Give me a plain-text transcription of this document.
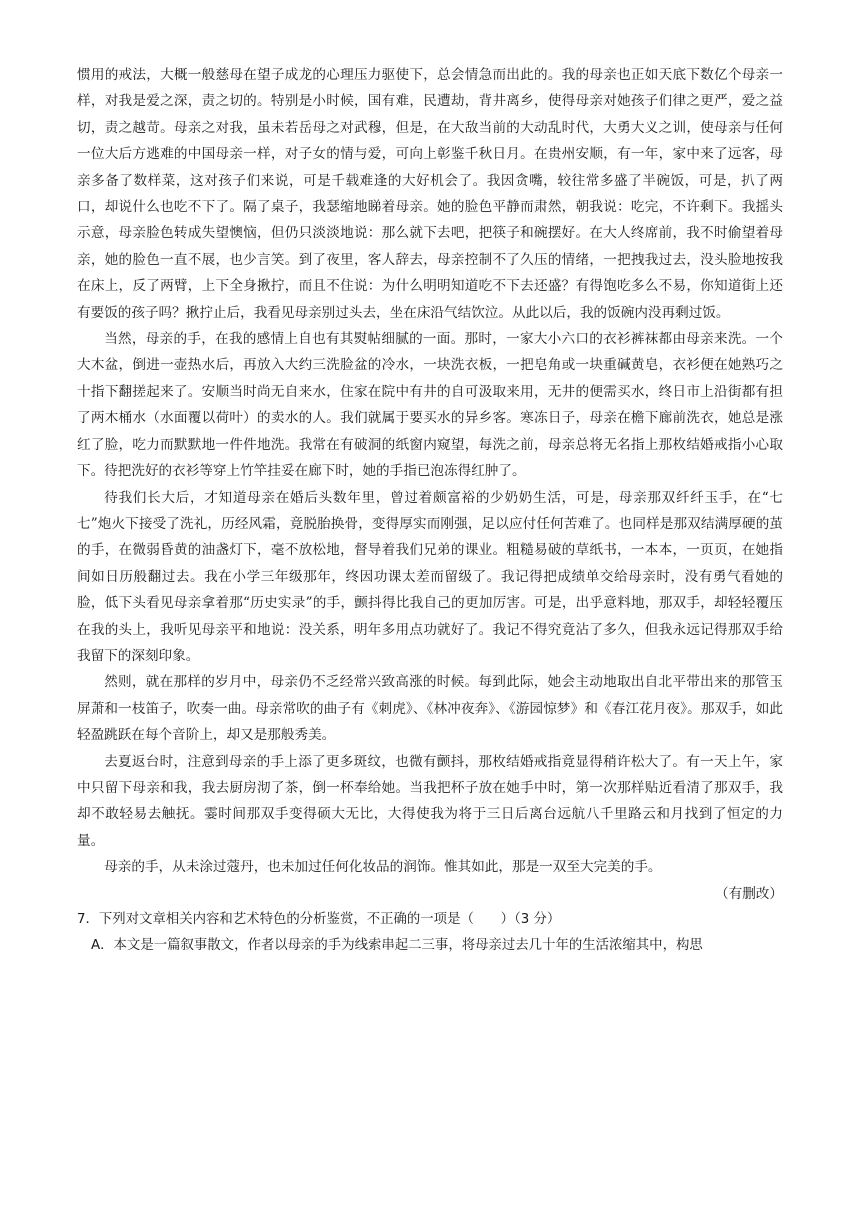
惯用的戒法，大概一般慈母在望子成龙的心理压力驱使下，总会情急而出此的。我的母亲也正如天底下数亿个母亲一样，对我是爱之深，责之切的。特别是小时候，国有难，民遭劫，背井离乡，使得母亲对她孩子们律之更严，爱之益切，责之越苛。母亲之对我，虽未若岳母之对武穆，但是，在大敌当前的大动乱时代，大勇大义之训，使母亲与任何一位大后方逃难的中国母亲一样，对子女的情与爱，可向上彰鉴千秋日月。在贵州安顺，有一年，家中来了远客，母亲多备了数样菜，这对孩子们来说，可是千载难逢的大好机会了。我因贪嘴，较往常多盛了半碗饭，可是，扒了两口，却说什么也吃不下了。隔了桌子，我瑟缩地睇着母亲。她的脸色平静而肃然，朝我说：吃完，不许剩下。我摇头示意，母亲脸色转成失望懊恼，但仍只淡淡地说：那么就下去吧，把筷子和碗摆好。在大人终席前，我不时偷望着母亲，她的脸色一直不展，也少言笑。到了夜里，客人辞去，母亲控制不了久压的情绪，一把拽我过去，没头脸地按我在床上，反了两臂，上下全身揪拧，而且不住说：为什么明明知道吃不下去还盛？有得饱吃多么不易，你知道街上还有要饭的孩子吗？揪拧止后，我看见母亲别过头去，坐在床沿气结饮泣。从此以后，我的饭碗内没再剩过饭。

当然，母亲的手，在我的感情上自也有其熨帖细腻的一面。那时，一家大小六口的衣衫裤袜都由母亲来洗。一个大木盆，倒进一壶热水后，再放入大约三洗脸盆的冷水，一块洗衣板，一把皂角或一块重碱黄皂，衣衫便在她熟巧之十指下翻搓起来了。安顺当时尚无自来水，住家在院中有井的自可汲取来用，无井的便需买水，终日市上沿街都有担了两木桶水（水面覆以荷叶）的卖水的人。我们就属于要买水的异乡客。寒冻日子，母亲在檐下廊前洗衣，她总是涨红了脸，吃力而默默地一件件地洗。我常在有破洞的纸窗内窥望，每洗之前，母亲总将无名指上那枚结婚戒指小心取下。待把洗好的衣衫等穿上竹竿挂妥在廊下时，她的手指已泡冻得红肿了。

待我们长大后，才知道母亲在婚后头数年里，曾过着颇富裕的少奶奶生活，可是，母亲那双纤纤玉手，在“七七”炮火下接受了洗礼，历经风霜，竟脱胎换骨，变得厚实而刚强，足以应付任何苦难了。也同样是那双结满厚硬的茧的手，在微弱昏黄的油盏灯下，毫不放松地，督导着我们兄弟的课业。粗糙易破的草纸书，一本本，一页页，在她指间如日历般翻过去。我在小学三年级那年，终因功课太差而留级了。我记得把成绩单交给母亲时，没有勇气看她的脸，低下头看见母亲拿着那“历史实录”的手，颤抖得比我自己的更加厉害。可是，出乎意料地，那双手，却轻轻覆压在我的头上，我听见母亲平和地说：没关系，明年多用点功就好了。我记不得究竟沾了多久，但我永远记得那双手给我留下的深刻印象。

然则，就在那样的岁月中，母亲仍不乏经常兴致高涨的时候。每到此际，她会主动地取出自北平带出来的那管玉屏萧和一枝笛子，吹奏一曲。母亲常吹的曲子有《刺虎》、《林冲夜奔》、《游园惊梦》和《春江花月夜》。那双手，如此轻盈跳跃在每个音阶上，却又是那般秀美。

去夏返台时，注意到母亲的手上添了更多斑纹，也微有颤抖，那枚结婚戒指竟显得稍许松大了。有一天上午，家中只留下母亲和我，我去厨房沏了茶，倒一杯奉给她。当我把杯子放在她手中时，第一次那样贴近看清了那双手，我却不敢轻易去触抚。霎时间那双手变得硕大无比，大得使我为将于三日后离台远航八千里路云和月找到了恒定的力量。

母亲的手，从未涂过蔻丹，也未加过任何化妆品的润饰。惟其如此，那是一双至大完美的手。

（有删改）

7．下列对文章相关内容和艺术特色的分析鉴赏，不正确的一项是（　　）（3 分）

A．本文是一篇叙事散文，作者以母亲的手为线索串起二三事，将母亲过去几十年的生活浓缩其中，构思
